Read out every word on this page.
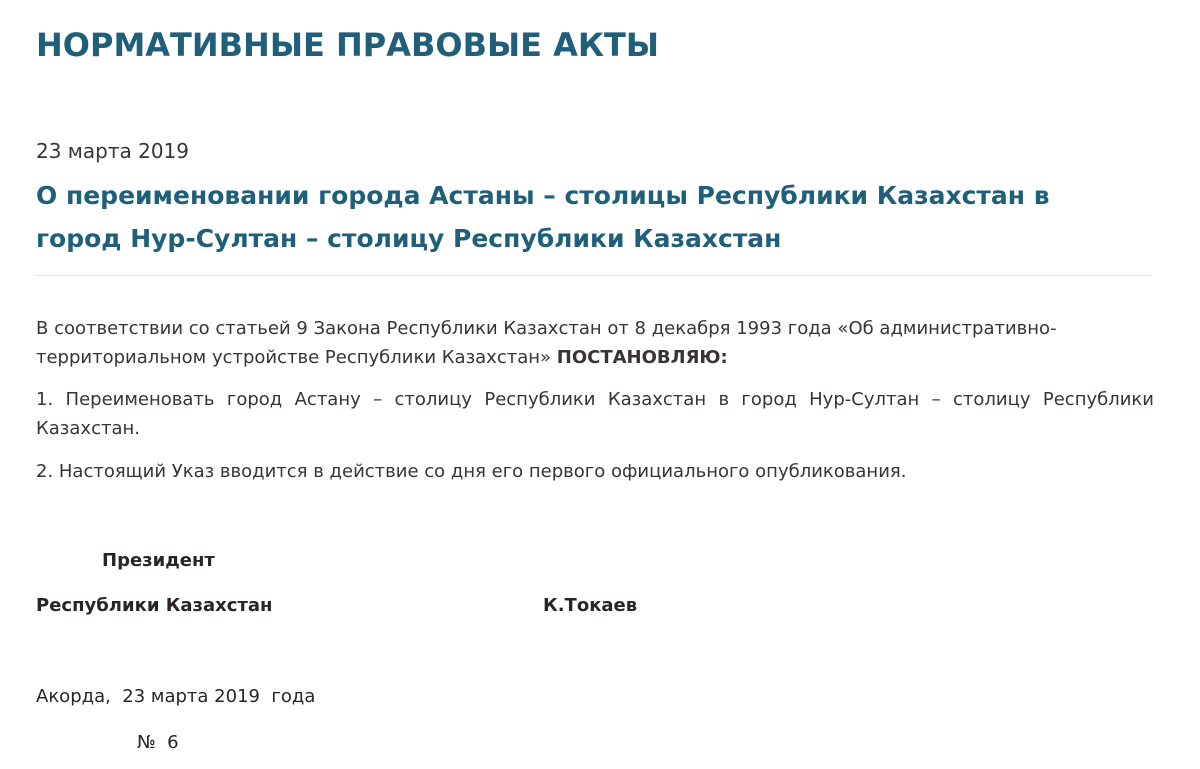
НОРМАТИВНЫЕ ПРАВОВЫЕ АКТЫ
23 марта 2019
О переименовании города Астаны – столицы Республики Казахстан в город Нур-Султан – столицу Республики Казахстан

В соответствии со статьей 9 Закона Республики Казахстан от 8 декабря 1993 года «Об административно-территориальном устройстве Республики Казахстан» ПОСТАНОВЛЯЮ:

1. Переименовать город Астану – столицу Республики Казахстан в город Нур-Султан – столицу Республики Казахстан.

2. Настоящий Указ вводится в действие со дня его первого официального опубликования.

Президент
Республики Казахстан	К.Токаев
Акорда,  23 марта 2019  года
№  6
